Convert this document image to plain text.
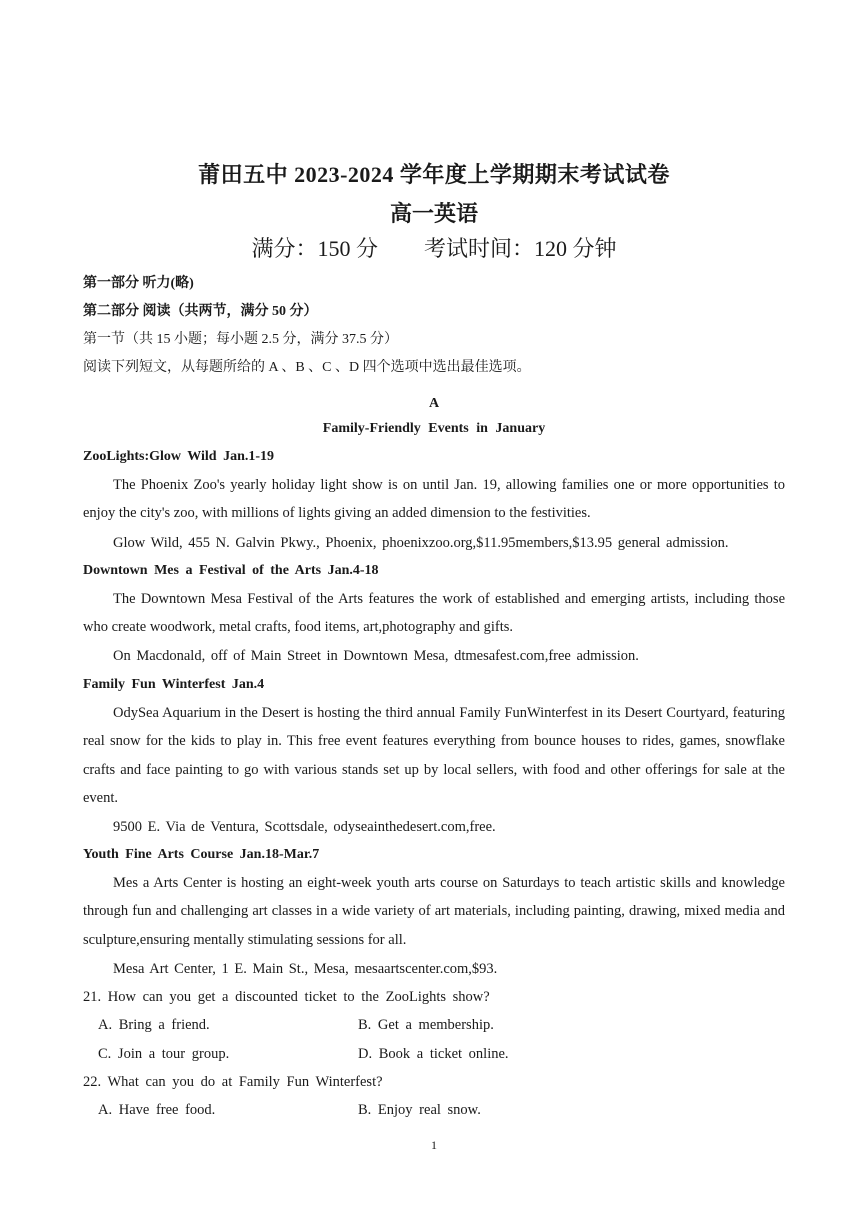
莆田五中 2023-2024 学年度上学期期末考试试卷
高一英语
满分：150 分 考试时间：120 分钟
第一部分 听力(略)
第二部分 阅读（共两节，满分 50 分）
第一节（共 15 小题；每小题 2.5 分，满分 37.5 分）
阅读下列短文，从每题所给的 A 、B 、C 、D 四个选项中选出最佳选项。
A
Family-Friendly Events in January
ZooLights:Glow Wild Jan.1-19
The Phoenix Zoo's yearly holiday light show is on until Jan. 19, allowing families one or more opportunities to enjoy the city's zoo, with millions of lights giving an added dimension to the festivities.
Glow Wild, 455 N. Galvin Pkwy., Phoenix, phoenixzoo.org,$11.95members,$13.95 general admission.
Downtown Mes a Festival of the Arts Jan.4-18
The Downtown Mesa Festival of the Arts features the work of established and emerging artists, including those who create woodwork, metal crafts, food items, art,photography and gifts.
On Macdonald, off of Main Street in Downtown Mesa, dtmesafest.com,free admission.
Family Fun Winterfest Jan.4
OdySea Aquarium in the Desert is hosting the third annual Family FunWinterfest in its Desert Courtyard, featuring real snow for the kids to play in. This free event features everything from bounce houses to rides, games, snowflake crafts and face painting to go with various stands set up by local sellers, with food and other offerings for sale at the event.
9500 E. Via de Ventura, Scottsdale, odyseainthedesert.com,free.
Youth Fine Arts Course Jan.18-Mar.7
Mes a Arts Center is hosting an eight-week youth arts course on Saturdays to teach artistic skills and knowledge through fun and challenging art classes in a wide variety of art materials, including painting, drawing, mixed media and sculpture,ensuring mentally stimulating sessions for all.
Mesa Art Center, 1 E. Main St., Mesa, mesaartscenter.com,$93.
21. How can you get a discounted ticket to the ZooLights show?
A. Bring a friend.	B. Get a membership.
C. Join a tour group.	D. Book a ticket online.
22. What can you do at Family Fun Winterfest?
A. Have free food.	B. Enjoy real snow.
1
